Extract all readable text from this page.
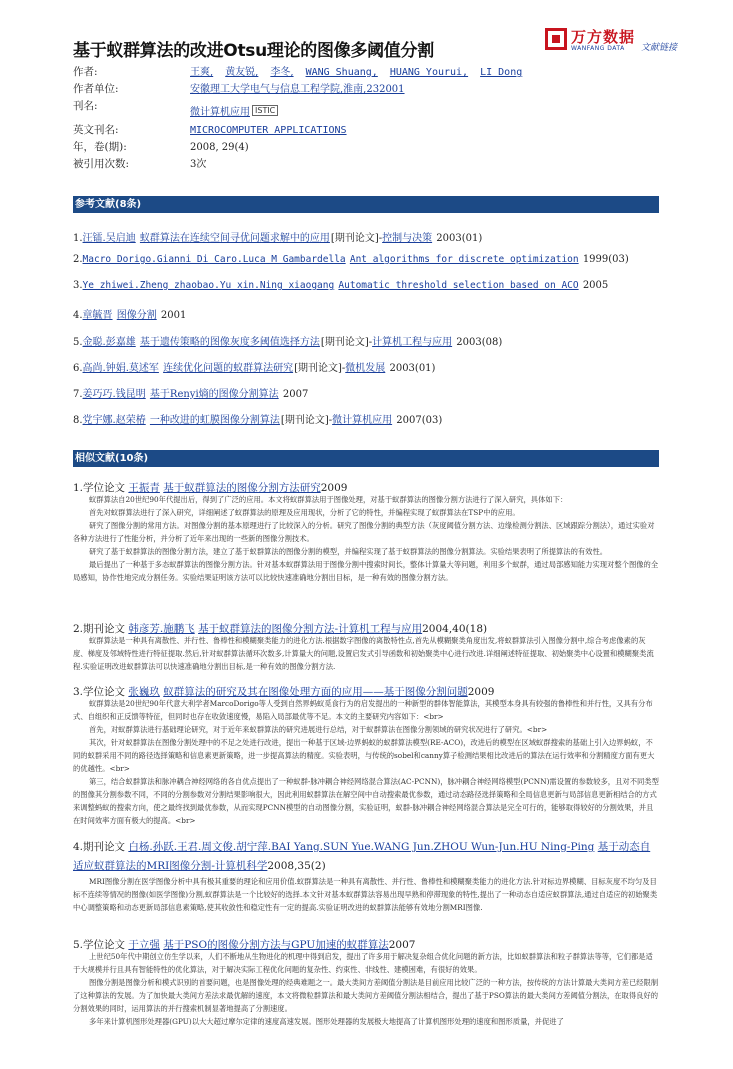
基于蚁群算法的改进Otsu理论的图像多阈值分割
万方数据
WANFANG DATA 文献链接
作者:	王爽, 黄友锐, 李冬, WANG Shuang, HUANG Yourui, LI Dong
作者单位:	安徽理工大学电气与信息工程学院,淮南,232001
刊名:
微计算机应用 ISTIC
英文刊名:	MICROCOMPUTER APPLICATIONS
年，卷(期):	2008, 29(4)
被引用次数:	3次
参考文献(8条)
1.汪镭.吴启迪 蚁群算法在连续空间寻优问题求解中的应用[期刊论文]-控制与决策 2003(01)
2.Macro Dorigo.Gianni Di Caro.Luca M Gambardella Ant algorithms for discrete optimization 1999(03)
3.Ye zhiwei.Zheng zhaobao.Yu xin.Ning xiaogang Automatic threshold selection based on ACO 2005
4.章毓晋 图像分割 2001
5.金聪.彭嘉雄 基于遗传策略的图像灰度多阈值选择方法[期刊论文]-计算机工程与应用 2003(08)
6.高尚.钟娟.莫述军 连续优化问题的蚁群算法研究[期刊论文]-微机发展 2003(01)
7.姜巧巧.钱昆明 基于Renyi熵的图像分割算法 2007
8.党宇娜.赵荣椿 一种改进的虹膜图像分割算法[期刊论文]-微计算机应用 2007(03)
相似文献(10条)
1.学位论文 王振青 基于蚁群算法的图像分割方法研究2009

蚁群算法自20世纪90年代提出后，得到了广泛的应用。本文将蚁群算法用于图像处理，对基于蚁群算法的图像分割方法进行了深入研究，具体如下：

首先对蚁群算法进行了深入研究，详细阐述了蚁群算法的原理及应用现状，分析了它的特性，并编程实现了蚁群算法在TSP中的应用。

研究了图像分割的常用方法。对图像分割的基本原理进行了比较深入的分析。研究了图像分割的典型方法（灰度阈值分割方法、边缘检测分割法、区域跟踪分割法），通过实验对各种方法进行了性能分析，并分析了近年来出现的一些新的图像分割技术。

研究了基于蚁群算法的图像分割方法，建立了基于蚁群算法的图像分割的模型，并编程实现了基于蚁群算法的图像分割算法。实验结果表明了所提算法的有效性。

最后提出了一种基于多态蚁群算法的图像分割方法。针对基本蚁群算法用于图像分割中搜索时间长，整体计算量大等问题，利用多个蚁群，通过局部感知能力实现对整个图像的全局感知，协作性地完成分割任务。实验结果证明该方法可以比较快速准确地分割出目标，是一种有效的图像分割方法。

2.期刊论文 韩彦芳.施鹏飞 基于蚁群算法的图像分割方法-计算机工程与应用2004,40(18)

蚁群算法是一种具有离散性、并行性、鲁棒性和模糊聚类能力的进化方法.根据数字图像的离散特性点,首先从模糊聚类角度出发,将蚁群算法引入图像分割中,综合考虑像素的灰度、梯度及邻域特性进行特征提取.然后,针对蚁群算法循环次数多,计算量大的问题,设置启发式引导函数和初始聚类中心进行改进.详细阐述特征提取、初始聚类中心设置和模糊聚类流程.实验证明改进蚁群算法可以快速准确地分割出目标,是一种有效的图像分割方法.

3.学位论文 张巍玖 蚁群算法的研究及其在图像处理方面的应用——基于图像分割问题2009

蚁群算法是20世纪90年代意大利学者MarcoDorigo等人受到自然界蚂蚁觅食行为的启发提出的一种新型的群体智能算法，其模型本身具有较强的鲁棒性和并行性，又具有分布式、自组织和正反馈等特征，但同时也存在收敛速度慢，易陷入局部最优等不足。本文的主要研究内容如下：<br>

首先，对蚁群算法进行基础理论研究，对于近年来蚁群算法的研究进展进行总结，对于蚁群算法在图像分割领域的研究状况进行了研究。<br>

其次，针对蚁群算法在图像分割处理中的不足之处进行改进，提出一种基于区域-边界蚂蚁的蚁群算法模型(RE-ACO)，改进后的模型在区域蚁群搜索的基础上引入边界蚂蚁，不同的蚁群采用不同的路径选择策略和信息素更新策略，进一步提高算法的精度。实验表明，与传统的sobel和canny算子检测结果相比改进后的算法在运行效率和分割精度方面有更大的优越性。<br>

第三，结合蚁群算法和脉冲耦合神经网络的各自优点提出了一种蚁群-脉冲耦合神经网络混合算法(AC-PCNN)，脉冲耦合神经网络模型(PCNN)需设置的参数较多，且对不同类型的图像其分割参数不同，不同的分割参数对分割结果影响很大，因此利用蚁群算法在解空间中自动搜索最优参数，通过动态路径选择策略和全局信息更新与局部信息更新相结合的方式来调整蚂蚁的搜索方向，使之最终找到最优参数，从而实现PCNN模型的自动图像分割，实验证明，蚁群-脉冲耦合神经网络混合算法是完全可行的，能够取得较好的分割效果，并且在时间效率方面有极大的提高。<br>

4.期刊论文 白杨.孙跃.王君.周文俊.胡宁萍.BAI Yang.SUN Yue.WANG Jun.ZHOU Wun-Jun.HU Ning-Ping 基于动态自适应蚁群算法的MRI图像分割-计算机科学2008,35(2)

MRI图像分割在医学图像分析中具有极其重要的理论和应用价值.蚁群算法是一种具有离散性、并行性、鲁棒性和模糊聚类能力的进化方法.针对标边界模糊、目标灰度不均匀及目标不连续等情况的图像(如医学图像)分割,蚁群算法是一个比较好的选择.本文针对基本蚁群算法容易出现早熟和停滞现象的特性,提出了一种动态自适应蚁群算法,通过自适应的初始聚类中心调整策略和动态更新局部信息素策略,使其收敛性和稳定性有一定的提高.实验证明改进的蚁群算法能够有效地分割MRI图像.

5.学位论文 于立强 基于PSO的图像分割方法与GPU加速的蚁群算法2007

上世纪50年代中期创立仿生学以来，人们不断地从生物进化的机理中得到启发，提出了许多用于解决复杂组合优化问题的新方法，比如蚁群算法和粒子群算法等等，它们都是适于大规模并行且具有智能特性的优化算法，对于解决实际工程优化问题的复杂性、约束性、非线性、建模困难，有很好的效果。

图像分割是图像分析和模式识别的首要问题，也是图像处理的经典难题之一。最大类间方差阈值分割法是目前应用比较广泛的一种方法，按传统的方法计算最大类间方差已经限制了这种算法的发展。为了加快最大类间方差法求最优解的速度，本文将微粒群算法和最大类间方差阈值分割法相结合，提出了基于PSO算法的最大类间方差阈值分割法，在取得良好的分割效果的同时，运用算法的并行搜索机制显著地提高了分割速度。

多年来计算机图形处理器(GPU)以大大超过摩尔定律的速度高速发展。图形处理器的发展极大地提高了计算机图形处理的速度和图形质量，并促进了
